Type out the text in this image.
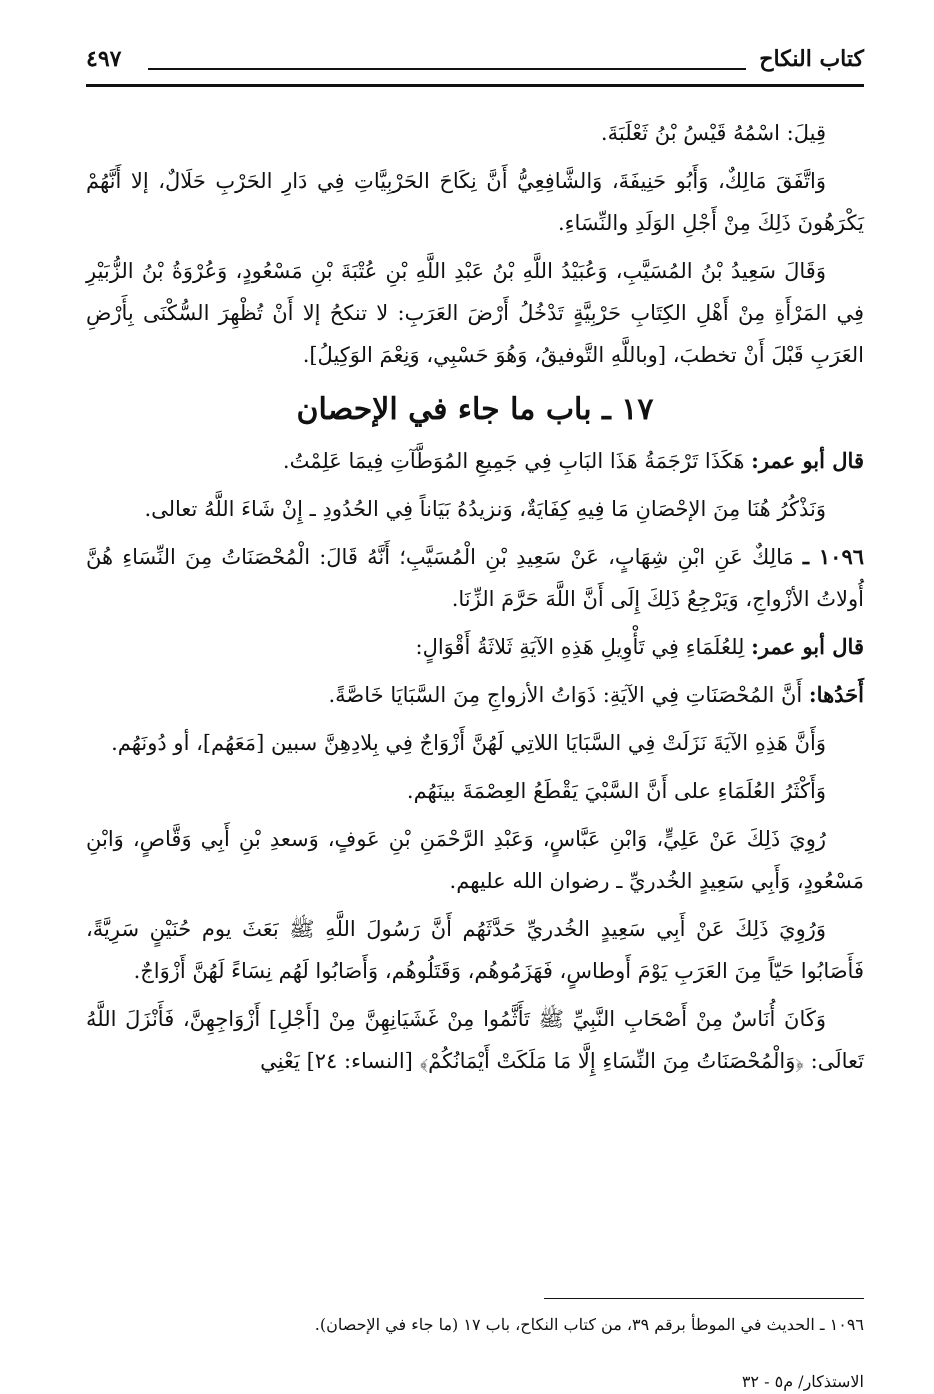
كتاب النكاح
٤٩٧

قِيلَ: اسْمُهُ قَيْسُ بْنُ ثَعْلَبَةَ.

وَاتَّفَقَ مَالِكٌ، وَأَبُو حَنِيفَةَ، وَالشَّافِعِيُّ أَنَّ نِكَاحَ الحَرْبِيَّاتِ فِي دَارِ الحَرْبِ حَلَالٌ، إلا أَنَّهُمْ يَكْرَهُونَ ذَلِكَ مِنْ أَجْلِ الوَلَدِ والنِّسَاءِ.

وَقَالَ سَعِيدُ بْنُ المُسَيَّبِ، وَعُبَيْدُ اللَّهِ بْنُ عَبْدِ اللَّهِ بْنِ عُتْبَةَ بْنِ مَسْعُودٍ، وَعُرْوَةُ بْنُ الزُّبَيْرِ فِي المَرْأَةِ مِنْ أَهْلِ الكِتَابِ حَرْبِيَّةٍ تَدْخُلُ أَرْضَ العَرَبِ: لا تنكحُ إلا أَنْ تُظْهِرَ السُّكْنَى بِأَرْضِ العَرَبِ قَبْلَ أَنْ تخطبَ، [وباللَّهِ التَّوفيقُ، وَهُوَ حَسْبِي، وَنِعْمَ الوَكِيلُ].

١٧ ـ باب ما جاء في الإحصان

قال أبو عمر: هَكَذَا تَرْجَمَةُ هَذَا البَابِ فِي جَمِيعِ المُوَطَّآتِ فِيمَا عَلِمْتُ.

وَنَذْكُرُ هُنَا مِنَ الإحْصَانِ مَا فِيهِ كِفَايَةٌ، وَنزيدُهُ بَيَاناً فِي الحُدُودِ ـ إِنْ شَاءَ اللَّهُ تعالى.

١٠٩٦ ـ مَالِكٌ عَنِ ابْنِ شِهَابٍ، عَنْ سَعِيدِ بْنِ الْمُسَيَّبِ؛ أَنَّهُ قَالَ: الْمُحْصَنَاتُ مِنَ النِّسَاءِ هُنَّ أُولاتُ الأزْواجِ، وَيَرْجِعُ ذَلِكَ إِلَى أَنَّ اللَّهَ حَرَّمَ الزِّنَا.

قال أبو عمر: لِلعُلَمَاءِ فِي تَأْوِيلِ هَذِهِ الآيَةِ ثَلاثَةُ أَقْوَالٍ:

أَحَدُها: أَنَّ المُحْصَنَاتِ فِي الآيَةِ: ذَوَاتُ الأزواجِ مِنَ السَّبَايَا خَاصَّةً.

وَأَنَّ هَذِهِ الآيَةَ نَزَلَتْ فِي السَّبَايَا اللاتِي لَهُنَّ أَزْوَاجٌ فِي بِلادِهِنَّ سبين [مَعَهُم]، أو دُونَهُم.

وَأَكْثَرُ العُلَمَاءِ على أَنَّ السَّبْيَ يَقْطَعُ العِصْمَةَ بينَهُم.

رُوِيَ ذَلِكَ عَنْ عَلِيٍّ، وَابْنِ عَبَّاسٍ، وَعَبْدِ الرَّحْمَنِ بْنِ عَوفٍ، وَسعدِ بْنِ أَبِي وَقَّاصٍ، وَابْنِ مَسْعُودٍ، وَأَبِي سَعِيدٍ الخُدريِّ ـ رضوان الله عليهم.

وَرُوِيَ ذَلِكَ عَنْ أَبِي سَعِيدٍ الخُدريِّ حَدَّثَهُم أَنَّ رَسُولَ اللَّهِ ﷺ بَعَثَ يوم حُنَيْنٍ سَرِيَّةً، فَأَصَابُوا حَيّاً مِنَ العَرَبِ يَوْمَ أَوطاسٍ، فَهَزَمُوهُم، وَقَتَلُوهُم، وَأَصَابُوا لَهُم نِسَاءً لَهُنَّ أَزْوَاجٌ.

وَكَانَ أُنَاسٌ مِنْ أَصْحَابِ النَّبِيِّ ﷺ تَأَثَّمُوا مِنْ غَشَيَانِهِنَّ مِنْ [أَجْلِ] أَزْوَاجِهِنَّ، فَأَنْزَلَ اللَّهُ تَعالَى: ﴿وَالْمُحْصَنَاتُ مِنَ النِّسَاءِ إِلَّا مَا مَلَكَتْ أَيْمَانُكُمْ﴾ [النساء: ٢٤] يَعْنِي

١٠٩٦ ـ الحديث في الموطأ برقم ٣٩، من كتاب النكاح، باب ١٧ (ما جاء في الإحصان).

الاستذكار/ م٥ - ٣٢
